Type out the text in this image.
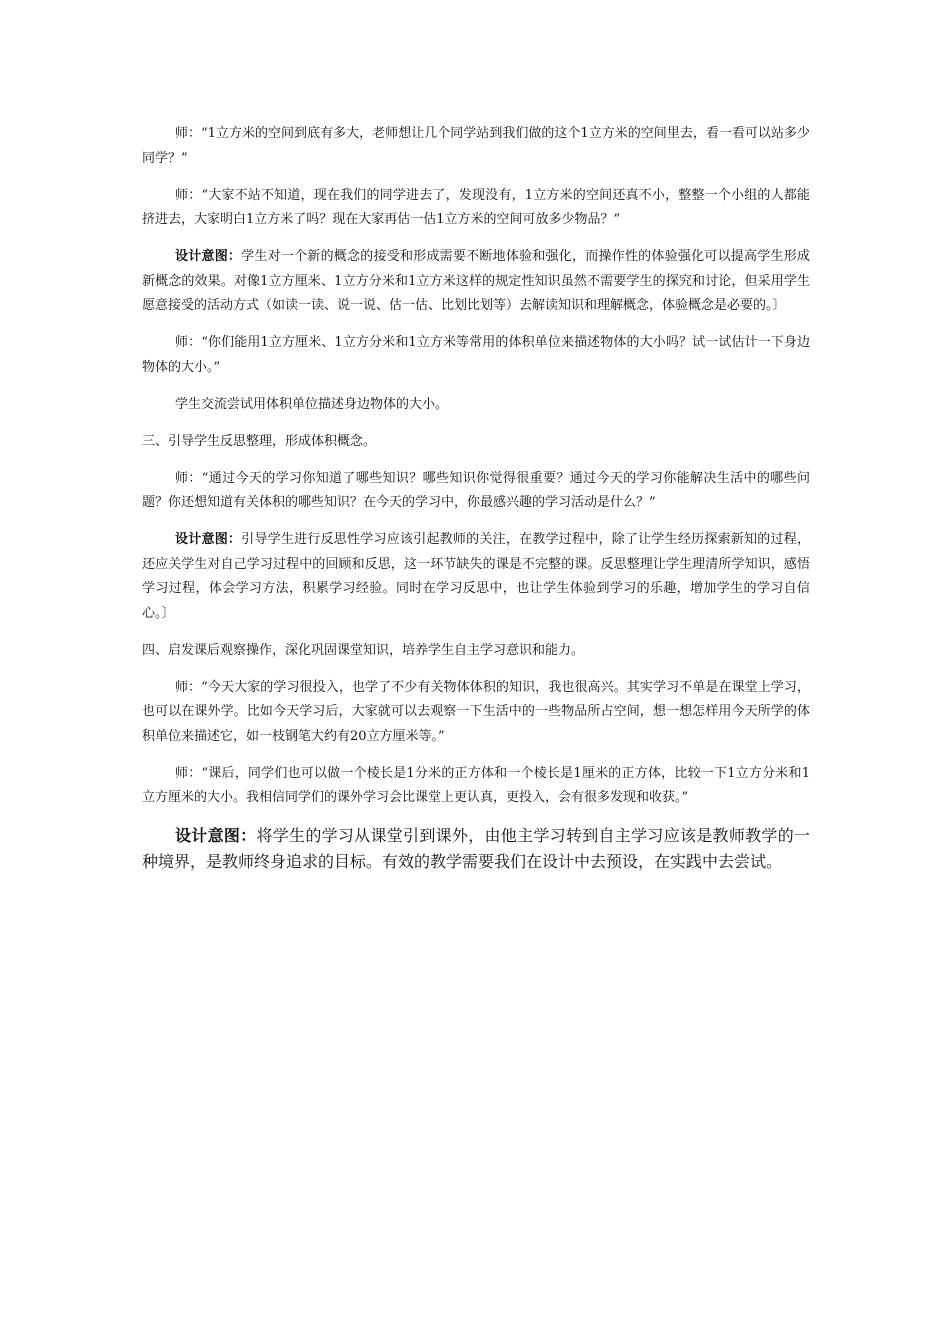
师：“1立方米的空间到底有多大，老师想让几个同学站到我们做的这个1立方米的空间里去，看一看可以站多少同学？”

师：“大家不站不知道，现在我们的同学进去了，发现没有，1立方米的空间还真不小，整整一个小组的人都能挤进去，大家明白1立方米了吗？现在大家再估一估1立方米的空间可放多少物品？”

设计意图：学生对一个新的概念的接受和形成需要不断地体验和强化，而操作性的体验强化可以提高学生形成新概念的效果。对像1立方厘米、1立方分米和1立方米这样的规定性知识虽然不需要学生的探究和讨论，但采用学生愿意接受的活动方式（如读一读、说一说、估一估、比划比划等）去解读知识和理解概念，体验概念是必要的。〕

师：“你们能用1立方厘米、1立方分米和1立方米等常用的体积单位来描述物体的大小吗？试一试估计一下身边物体的大小。”

学生交流尝试用体积单位描述身边物体的大小。

三、引导学生反思整理，形成体积概念。

师：“通过今天的学习你知道了哪些知识？哪些知识你觉得很重要？通过今天的学习你能解决生活中的哪些问题？你还想知道有关体积的哪些知识？在今天的学习中，你最感兴趣的学习活动是什么？”

设计意图：引导学生进行反思性学习应该引起教师的关注，在教学过程中，除了让学生经历探索新知的过程，还应关学生对自己学习过程中的回顾和反思，这一环节缺失的课是不完整的课。反思整理让学生理清所学知识，感悟学习过程，体会学习方法，积累学习经验。同时在学习反思中，也让学生体验到学习的乐趣，增加学生的学习自信心。〕

四、启发课后观察操作，深化巩固课堂知识，培养学生自主学习意识和能力。

师：“今天大家的学习很投入，也学了不少有关物体体积的知识，我也很高兴。其实学习不单是在课堂上学习，也可以在课外学。比如今天学习后，大家就可以去观察一下生活中的一些物品所占空间，想一想怎样用今天所学的体积单位来描述它，如一枝钢笔大约有20立方厘米等。”

师：“课后，同学们也可以做一个棱长是1分米的正方体和一个棱长是1厘米的正方体，比较一下1立方分米和1立方厘米的大小。我相信同学们的课外学习会比课堂上更认真，更投入，会有很多发现和收获。”

设计意图：将学生的学习从课堂引到课外，由他主学习转到自主学习应该是教师教学的一种境界，是教师终身追求的目标。有效的教学需要我们在设计中去预设，在实践中去尝试。
